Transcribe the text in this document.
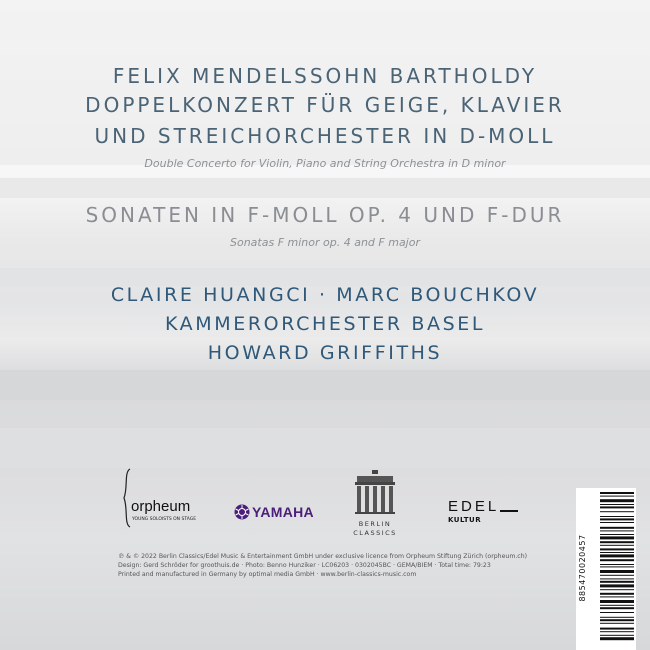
FELIX MENDELSSOHN BARTHOLDY
DOPPELKONZERT FÜR GEIGE, KLAVIER
UND STREICHORCHESTER IN D-MOLL
Double Concerto for Violin, Piano and String Orchestra in D minor
SONATEN IN F-MOLL OP. 4 UND F-DUR
Sonatas F minor op. 4 and F major
CLAIRE HUANGCI · MARC BOUCHKOV
KAMMERORCHESTER BASEL
HOWARD GRIFFITHS
orpheum
YOUNG SOLOISTS ON STAGE	YAMAHA
BERLIN
CLASSICS
EDEL
KULTUR
℗ & © 2022 Berlin Classics/Edel Music & Entertainment GmbH under exclusive licence from Orpheum Stiftung Zürich (orpheum.ch)
Design: Gerd Schröder for groothuis.de · Photo: Benno Hunziker · LC06203 · 0302045BC · GEMA/BIEM · Total time: 79:23
Printed and manufactured in Germany by optimal media GmbH · www.berlin-classics-music.com	885470020457
